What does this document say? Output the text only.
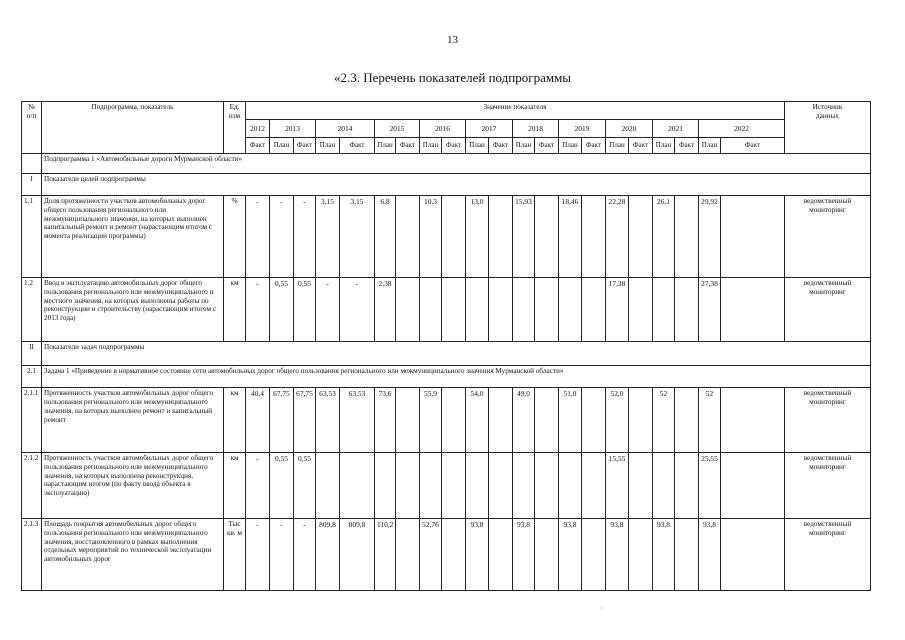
13
«2.3. Перечень показателей подпрограммы
№
п/п	Подпрограмма, показатель	Ед.
изм	Значение показателя																					Источник
данных	
			2012	2013		2014		2015		2016		2017		2018		2019		2020		2021		2022			
			Факт	План	Факт	План	Факт	План	Факт	План	Факт	План	Факт	План	Факт	План	Факт	План	Факт	План	Факт	План	Факт		
	Подпрограмма 1 «Автомобильные дороги Мурманской области»																								
I	Показатели целей подпрограммы																								
1.1	Доля протяженности участков автомобильных дорог общего пользования регионального или межмуниципального значения, на которых выполнен капитальный ремонт и ремонт (нарастающим итогом с момента реализации программы)	%	-	-	-	3,15	3,15	6,8		10,3		13,0		15,93		18,46		22,28		26,1		29,92		ведомственный мониторинг	
1.2	Ввод в эксплуатацию автомобильных дорог общего пользования регионального или межмуниципального и местного значения, на которых выполнены работы по реконструкции и строительству (нарастающим итогом с 2013 года)	км	-	0,55	0,55	-	-	2,38										17,38				27,38		ведомственный мониторинг	
II	Показатели задач подпрограммы																								
2.1	Задача 1 «Приведение в нормативное состояние сети автомобильных дорог общего пользования регионального или межмуниципального значения Мурманской области»																								
2.1.1	Протяженность участков автомобильных дорог общего пользования регионального или межмуниципального значения, на которых выполнен ремонт и капитальный ремонт	км	40,4	67,75	67,75	63,53	63,53	73,6		55,9		54,0		49,0		51,0		52,0		52		52		ведомственный мониторинг	
2.1.2	Протяженность участков автомобильных дорог общего пользования регионального или межмуниципального значения, на которых выполнена реконструкция, нарастающим итогом (по факту ввода объекта в эксплуатацию)	км	-	0,55	0,55													15,55				25,55		ведомственный мониторинг	
2.1.3	Площадь покрытия автомобильных дорог общего пользования регионального или межмуниципального значения, восстановленного в рамках выполнения отдельных мероприятий по технической эксплуатации автомобильных дорог	Тыс кв. м	-	-	-	809,8	809,8	110,2		52,76		93,8		93,8		93,8		93,8		93,8		93,8		ведомственный мониторинг	
·
